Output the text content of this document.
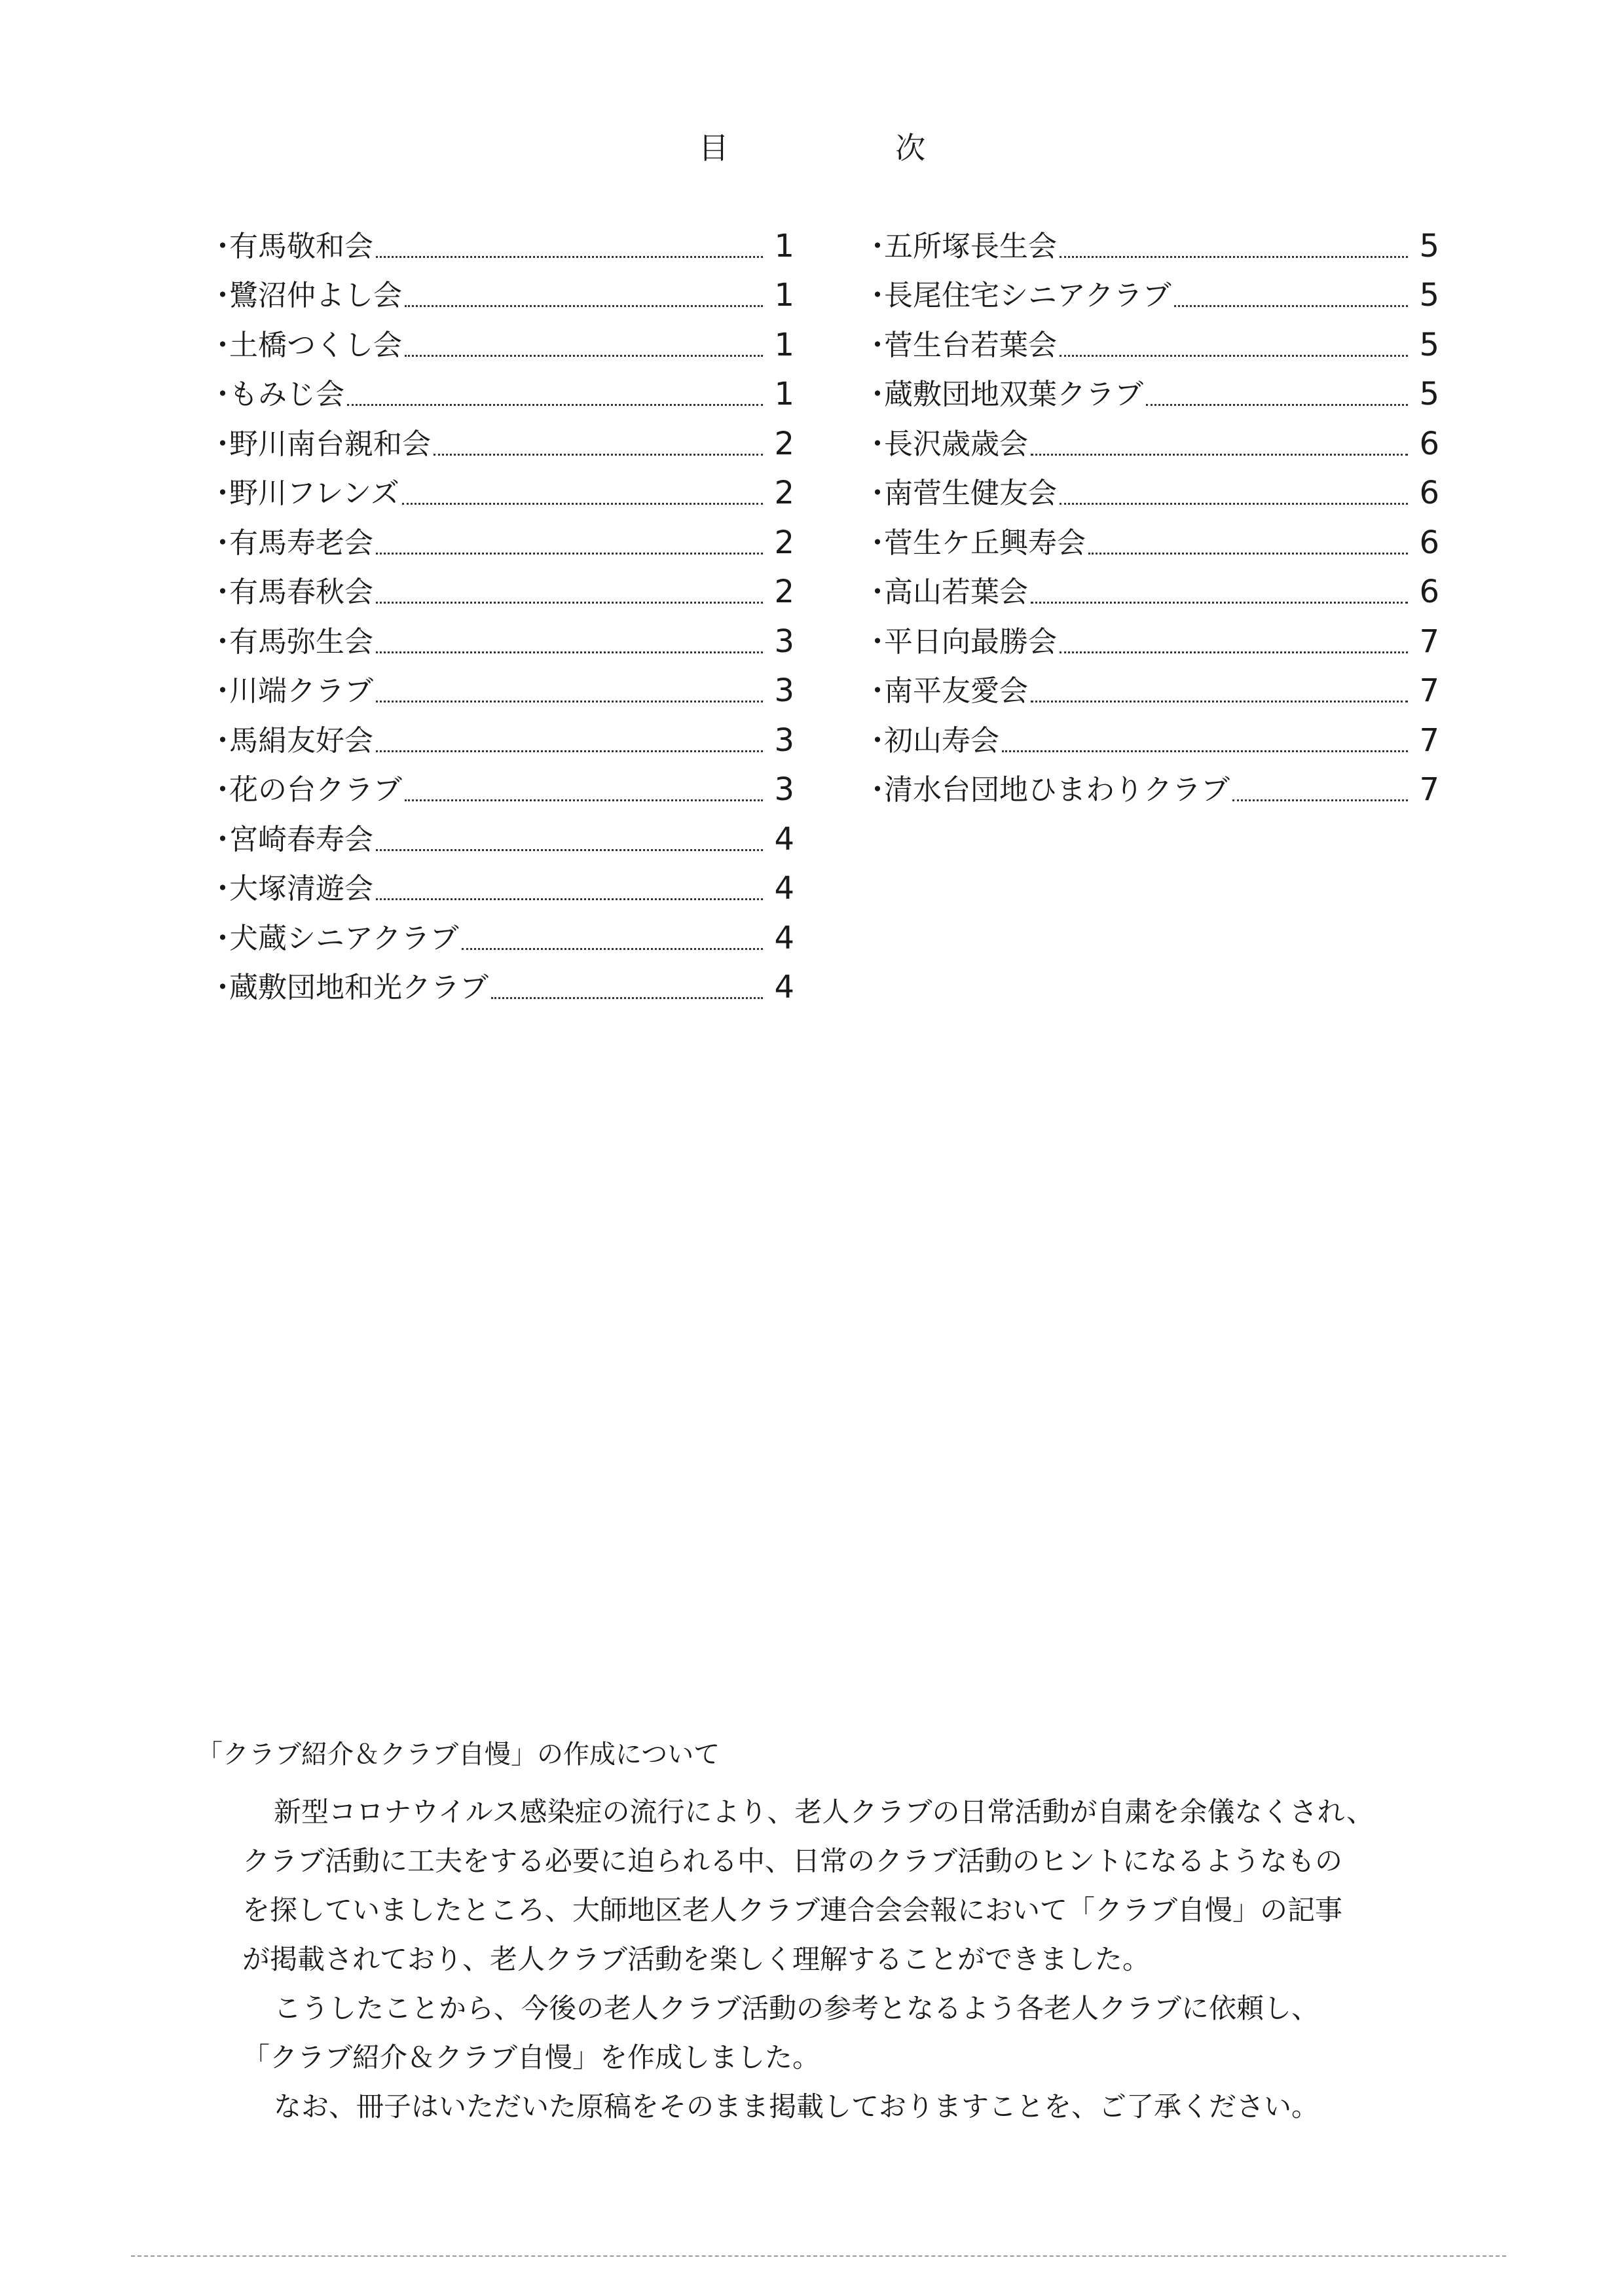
目 次
・
有馬敬和会	1
・
鷺沼仲よし会	1
・
土橋つくし会	1
・
もみじ会	1
・
野川南台親和会	2
・
野川フレンズ	2
・
有馬寿老会	2
・
有馬春秋会	2
・
有馬弥生会	3
・
川端クラブ	3
・
馬絹友好会	3
・
花の台クラブ	3
・
宮崎春寿会	4
・
大塚清遊会	4
・
犬蔵シニアクラブ	4
・
蔵敷団地和光クラブ	4
・
五所塚長生会	5
・
長尾住宅シニアクラブ	5
・
菅生台若葉会	5
・
蔵敷団地双葉クラブ	5
・
長沢歳歳会	6
・
南菅生健友会	6
・
菅生ケ丘興寿会	6
・
高山若葉会	6
・
平日向最勝会	7
・
南平友愛会	7
・
初山寿会	7
・
清水台団地ひまわりクラブ	7
「クラブ紹介＆クラブ自慢」の作成について

新型コロナウイルス感染症の流行により、老人クラブの日常活動が自粛を余儀なくされ、

クラブ活動に工夫をする必要に迫られる中、日常のクラブ活動のヒントになるようなもの

を探していましたところ、大師地区老人クラブ連合会会報において「クラブ自慢」の記事

が掲載されており、老人クラブ活動を楽しく理解することができました。

こうしたことから、今後の老人クラブ活動の参考となるよう各老人クラブに依頼し、

「クラブ紹介＆クラブ自慢」を作成しました。

なお、冊子はいただいた原稿をそのまま掲載しておりますことを、ご了承ください。
